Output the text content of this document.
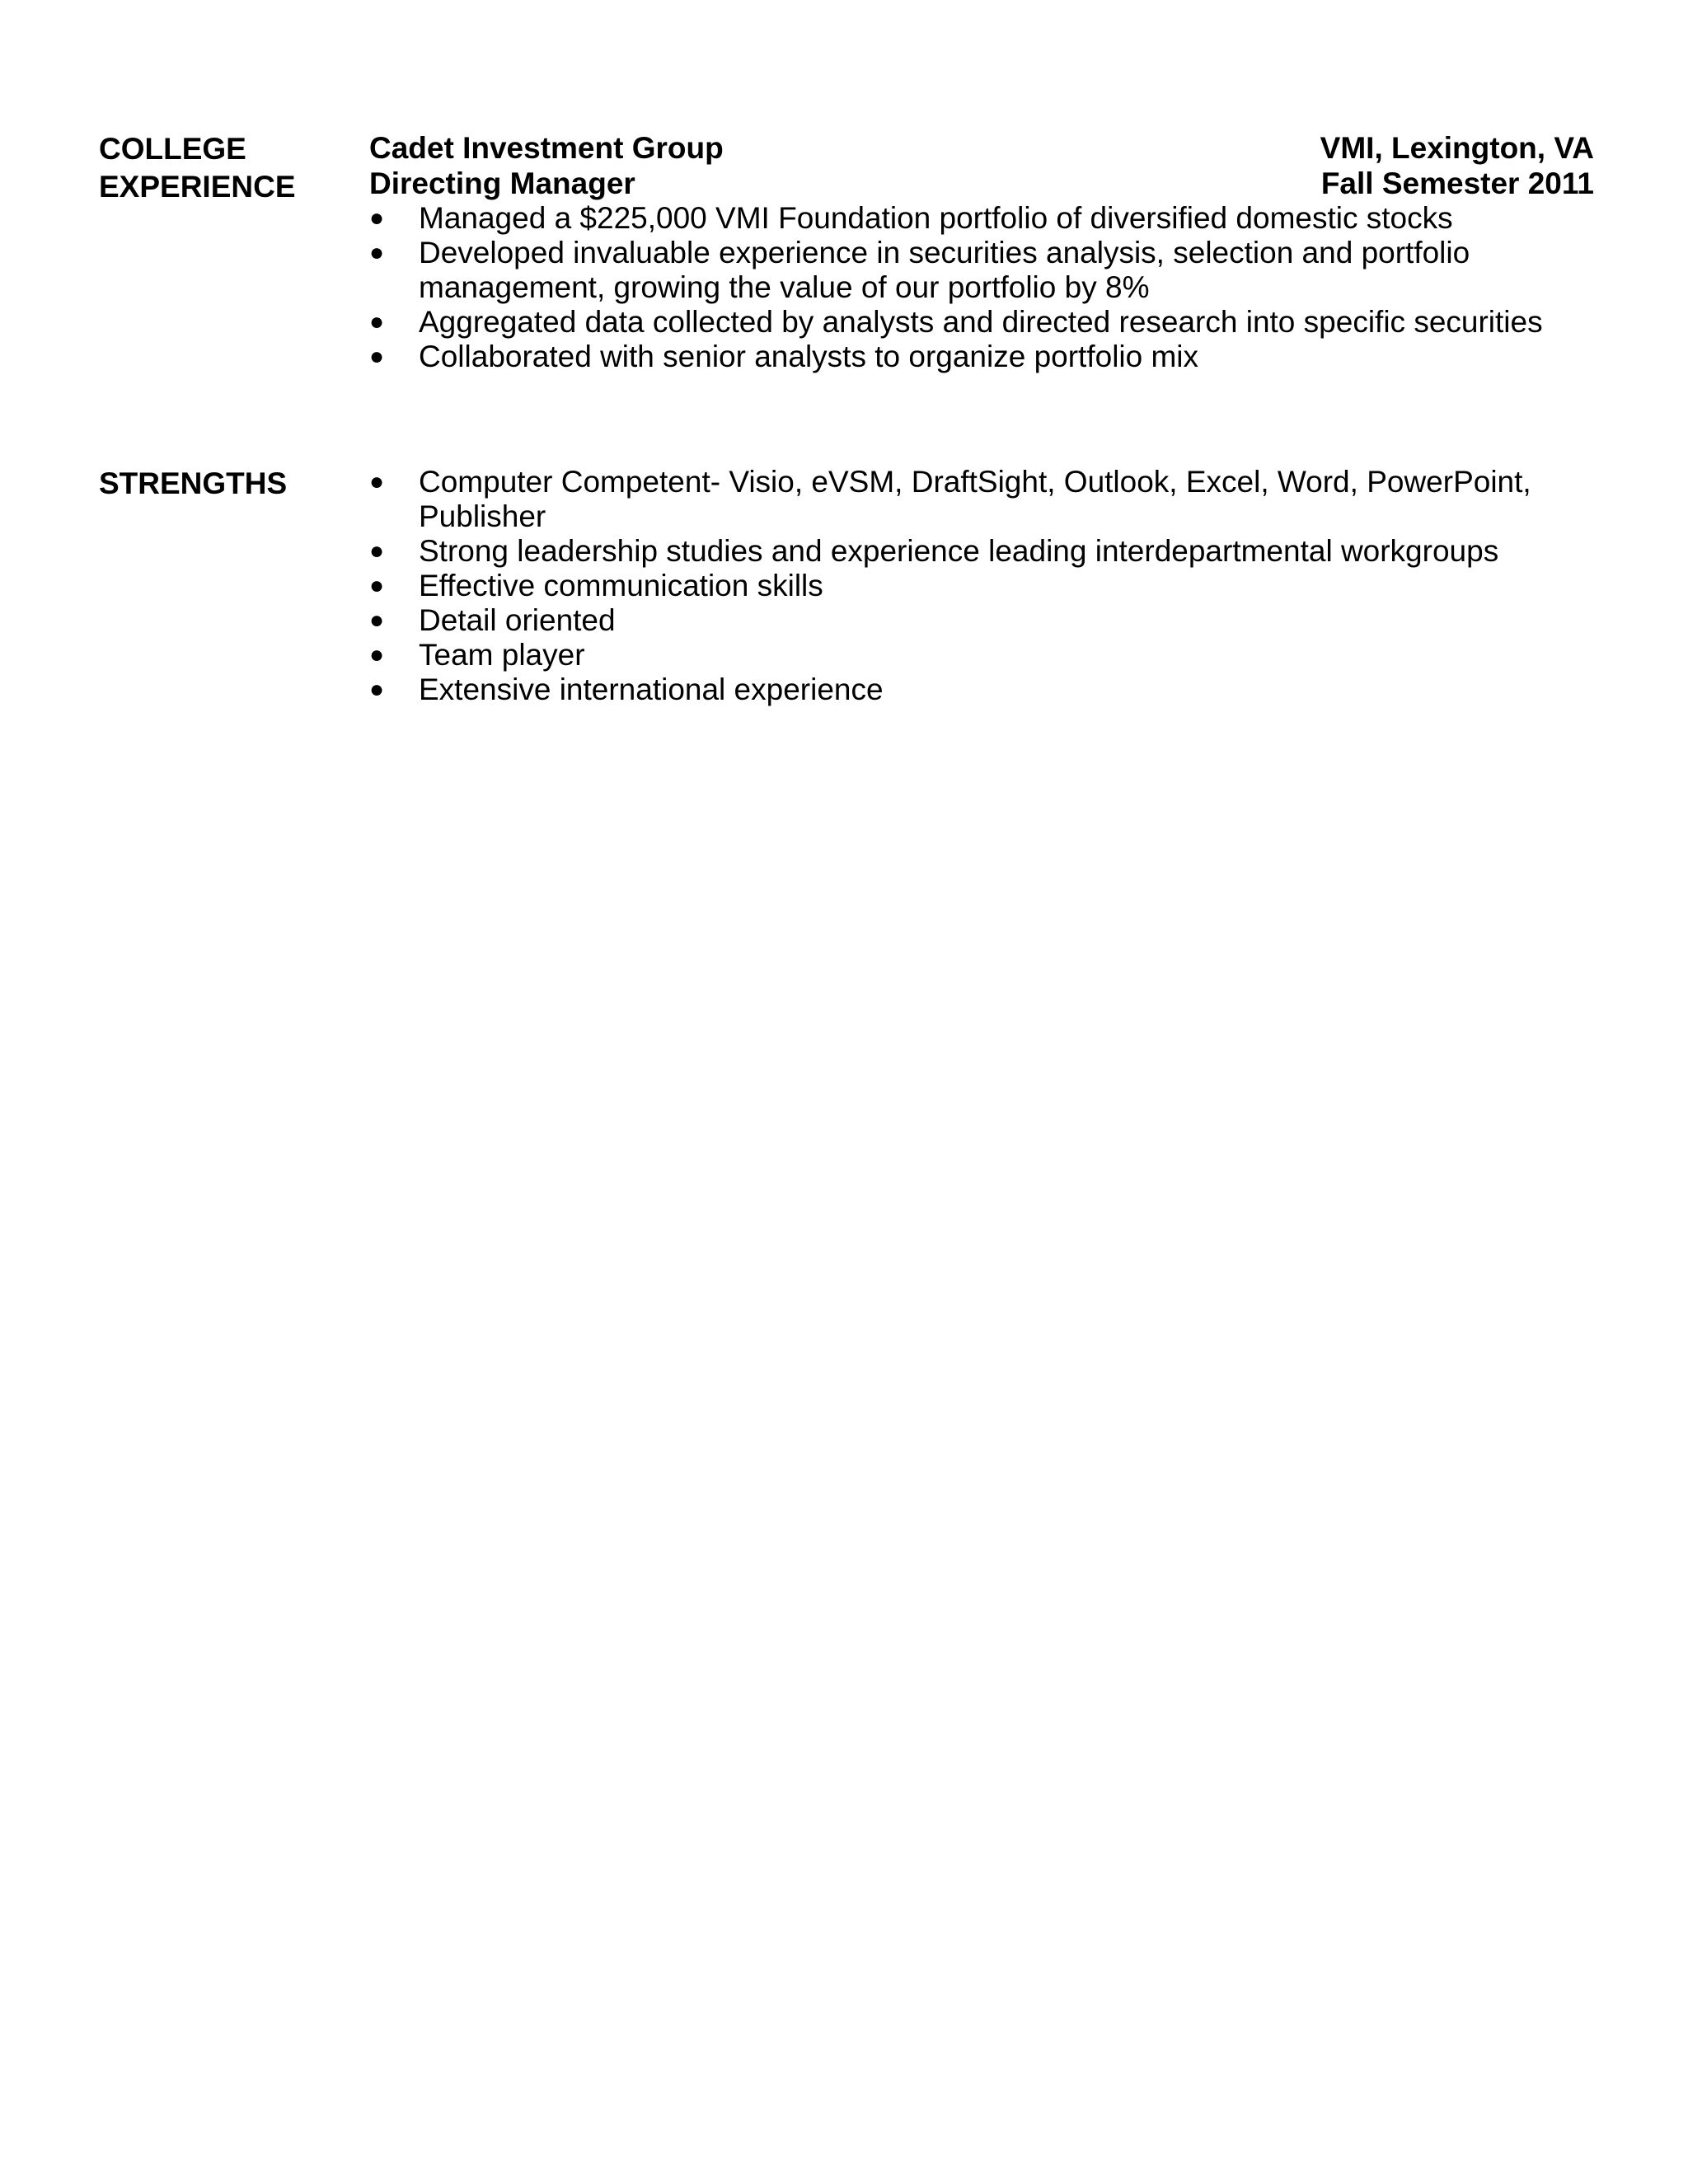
COLLEGE
EXPERIENCE
Cadet Investment Group	VMI, Lexington, VA
Directing Manager	Fall Semester 2011
●	Managed a $225,000 VMI Foundation portfolio of diversified domestic stocks
●	Developed invaluable experience in securities analysis, selection and portfolio management, growing the value of our portfolio by 8%
●	Aggregated data collected by analysts and directed research into specific securities
●	Collaborated with senior analysts to organize portfolio mix
STRENGTHS	●	Computer Competent- Visio, eVSM, DraftSight, Outlook, Excel, Word, PowerPoint, Publisher
●	Strong leadership studies and experience leading interdepartmental workgroups
●	Effective communication skills
●	Detail oriented
●	Team player
●	Extensive international experience
